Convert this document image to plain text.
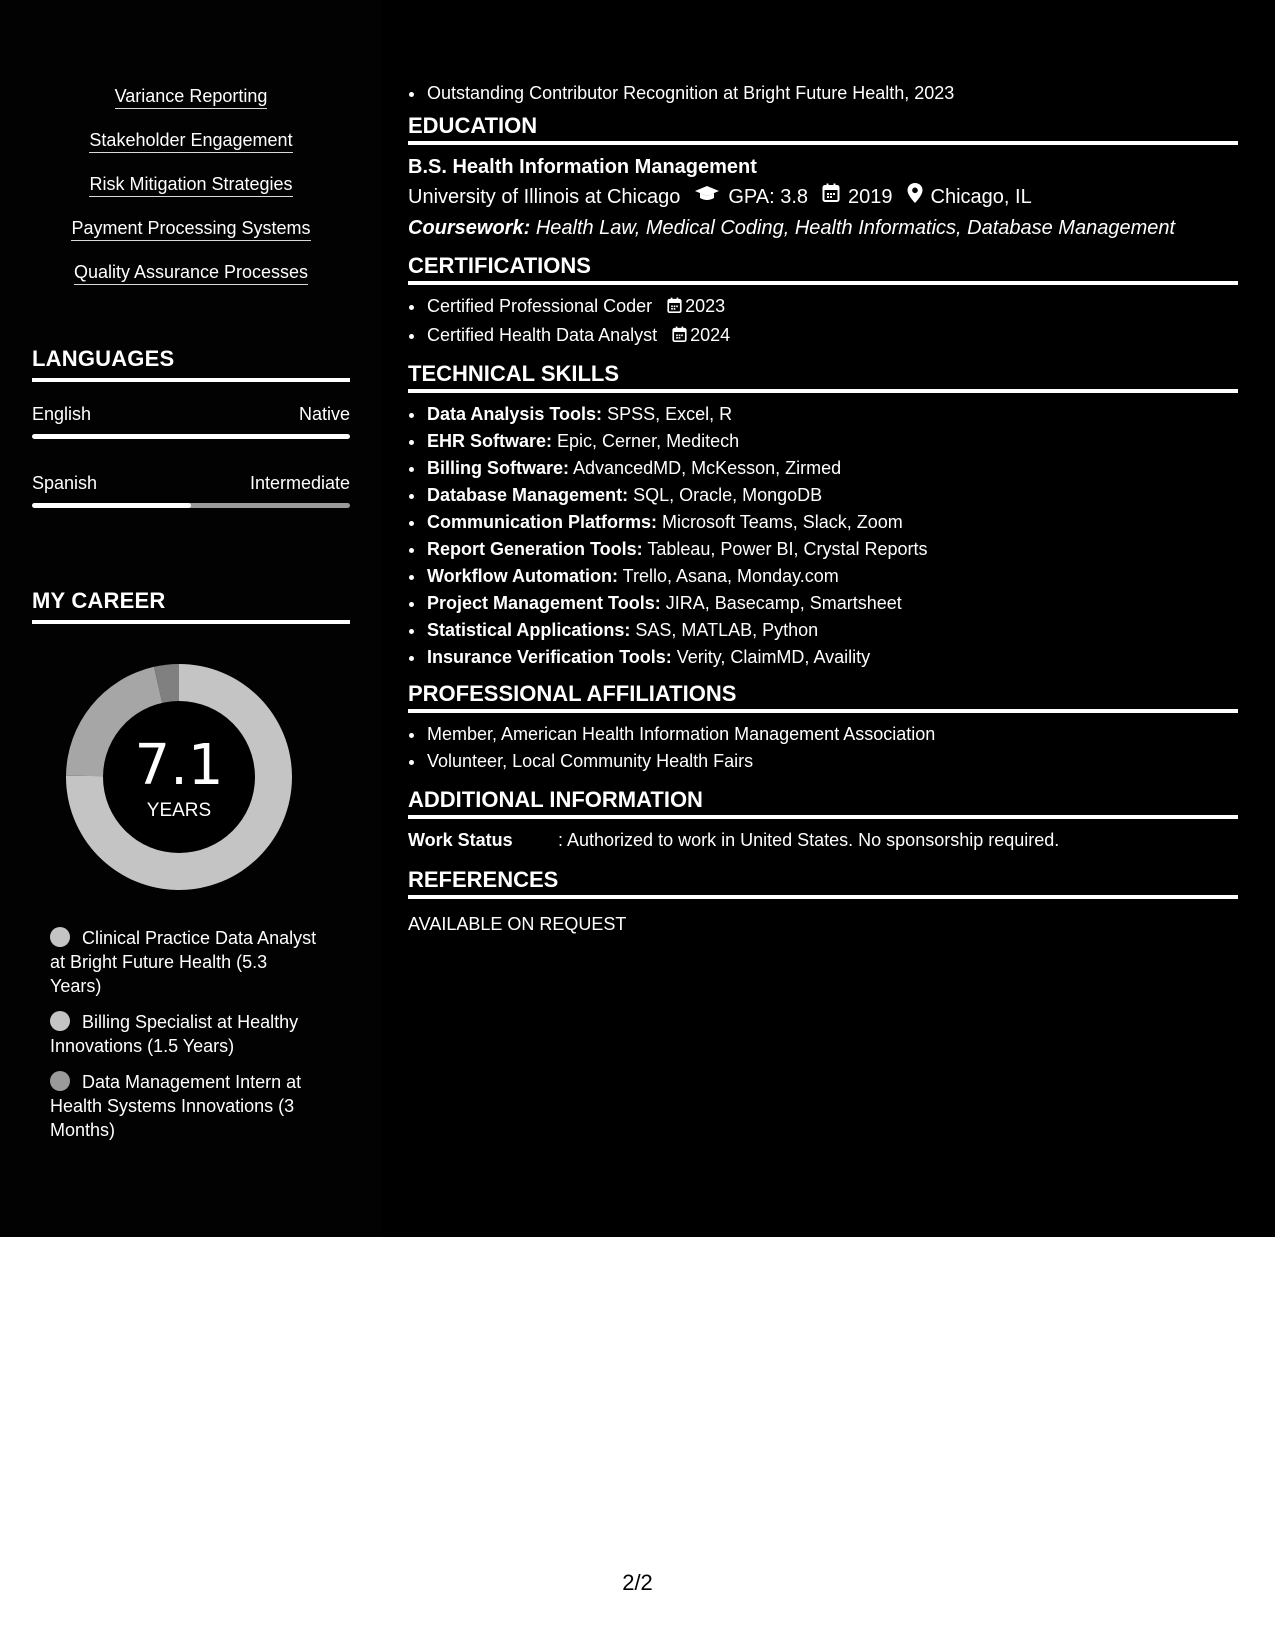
Variance Reporting
Stakeholder Engagement
Risk Mitigation Strategies
Payment Processing Systems
Quality Assurance Processes
LANGUAGES
English	Native
Spanish	Intermediate
MY CAREER
7.1
YEARS
Clinical Practice Data Analyst at Bright Future Health (5.3 Years)
Billing Specialist at Healthy Innovations (1.5 Years)
Data Management Intern at Health Systems Innovations (3 Months)
• Outstanding Contributor Recognition at Bright Future Health, 2023
EDUCATION
B.S. Health Information Management
University of Illinois at Chicago GPA: 3.8 2019 Chicago, IL
Coursework: Health Law, Medical Coding, Health Informatics, Database Management
CERTIFICATIONS
• Certified Professional Coder 2023
• Certified Health Data Analyst 2024
TECHNICAL SKILLS
• Data Analysis Tools: SPSS, Excel, R
• EHR Software: Epic, Cerner, Meditech
• Billing Software: AdvancedMD, McKesson, Zirmed
• Database Management: SQL, Oracle, MongoDB
• Communication Platforms: Microsoft Teams, Slack, Zoom
• Report Generation Tools: Tableau, Power BI, Crystal Reports
• Workflow Automation: Trello, Asana, Monday.com
• Project Management Tools: JIRA, Basecamp, Smartsheet
• Statistical Applications: SAS, MATLAB, Python
• Insurance Verification Tools: Verity, ClaimMD, Availity
PROFESSIONAL AFFILIATIONS
• Member, American Health Information Management Association
• Volunteer, Local Community Health Fairs
ADDITIONAL INFORMATION
Work Status	: Authorized to work in United States. No sponsorship required.
REFERENCES
AVAILABLE ON REQUEST
2/2
